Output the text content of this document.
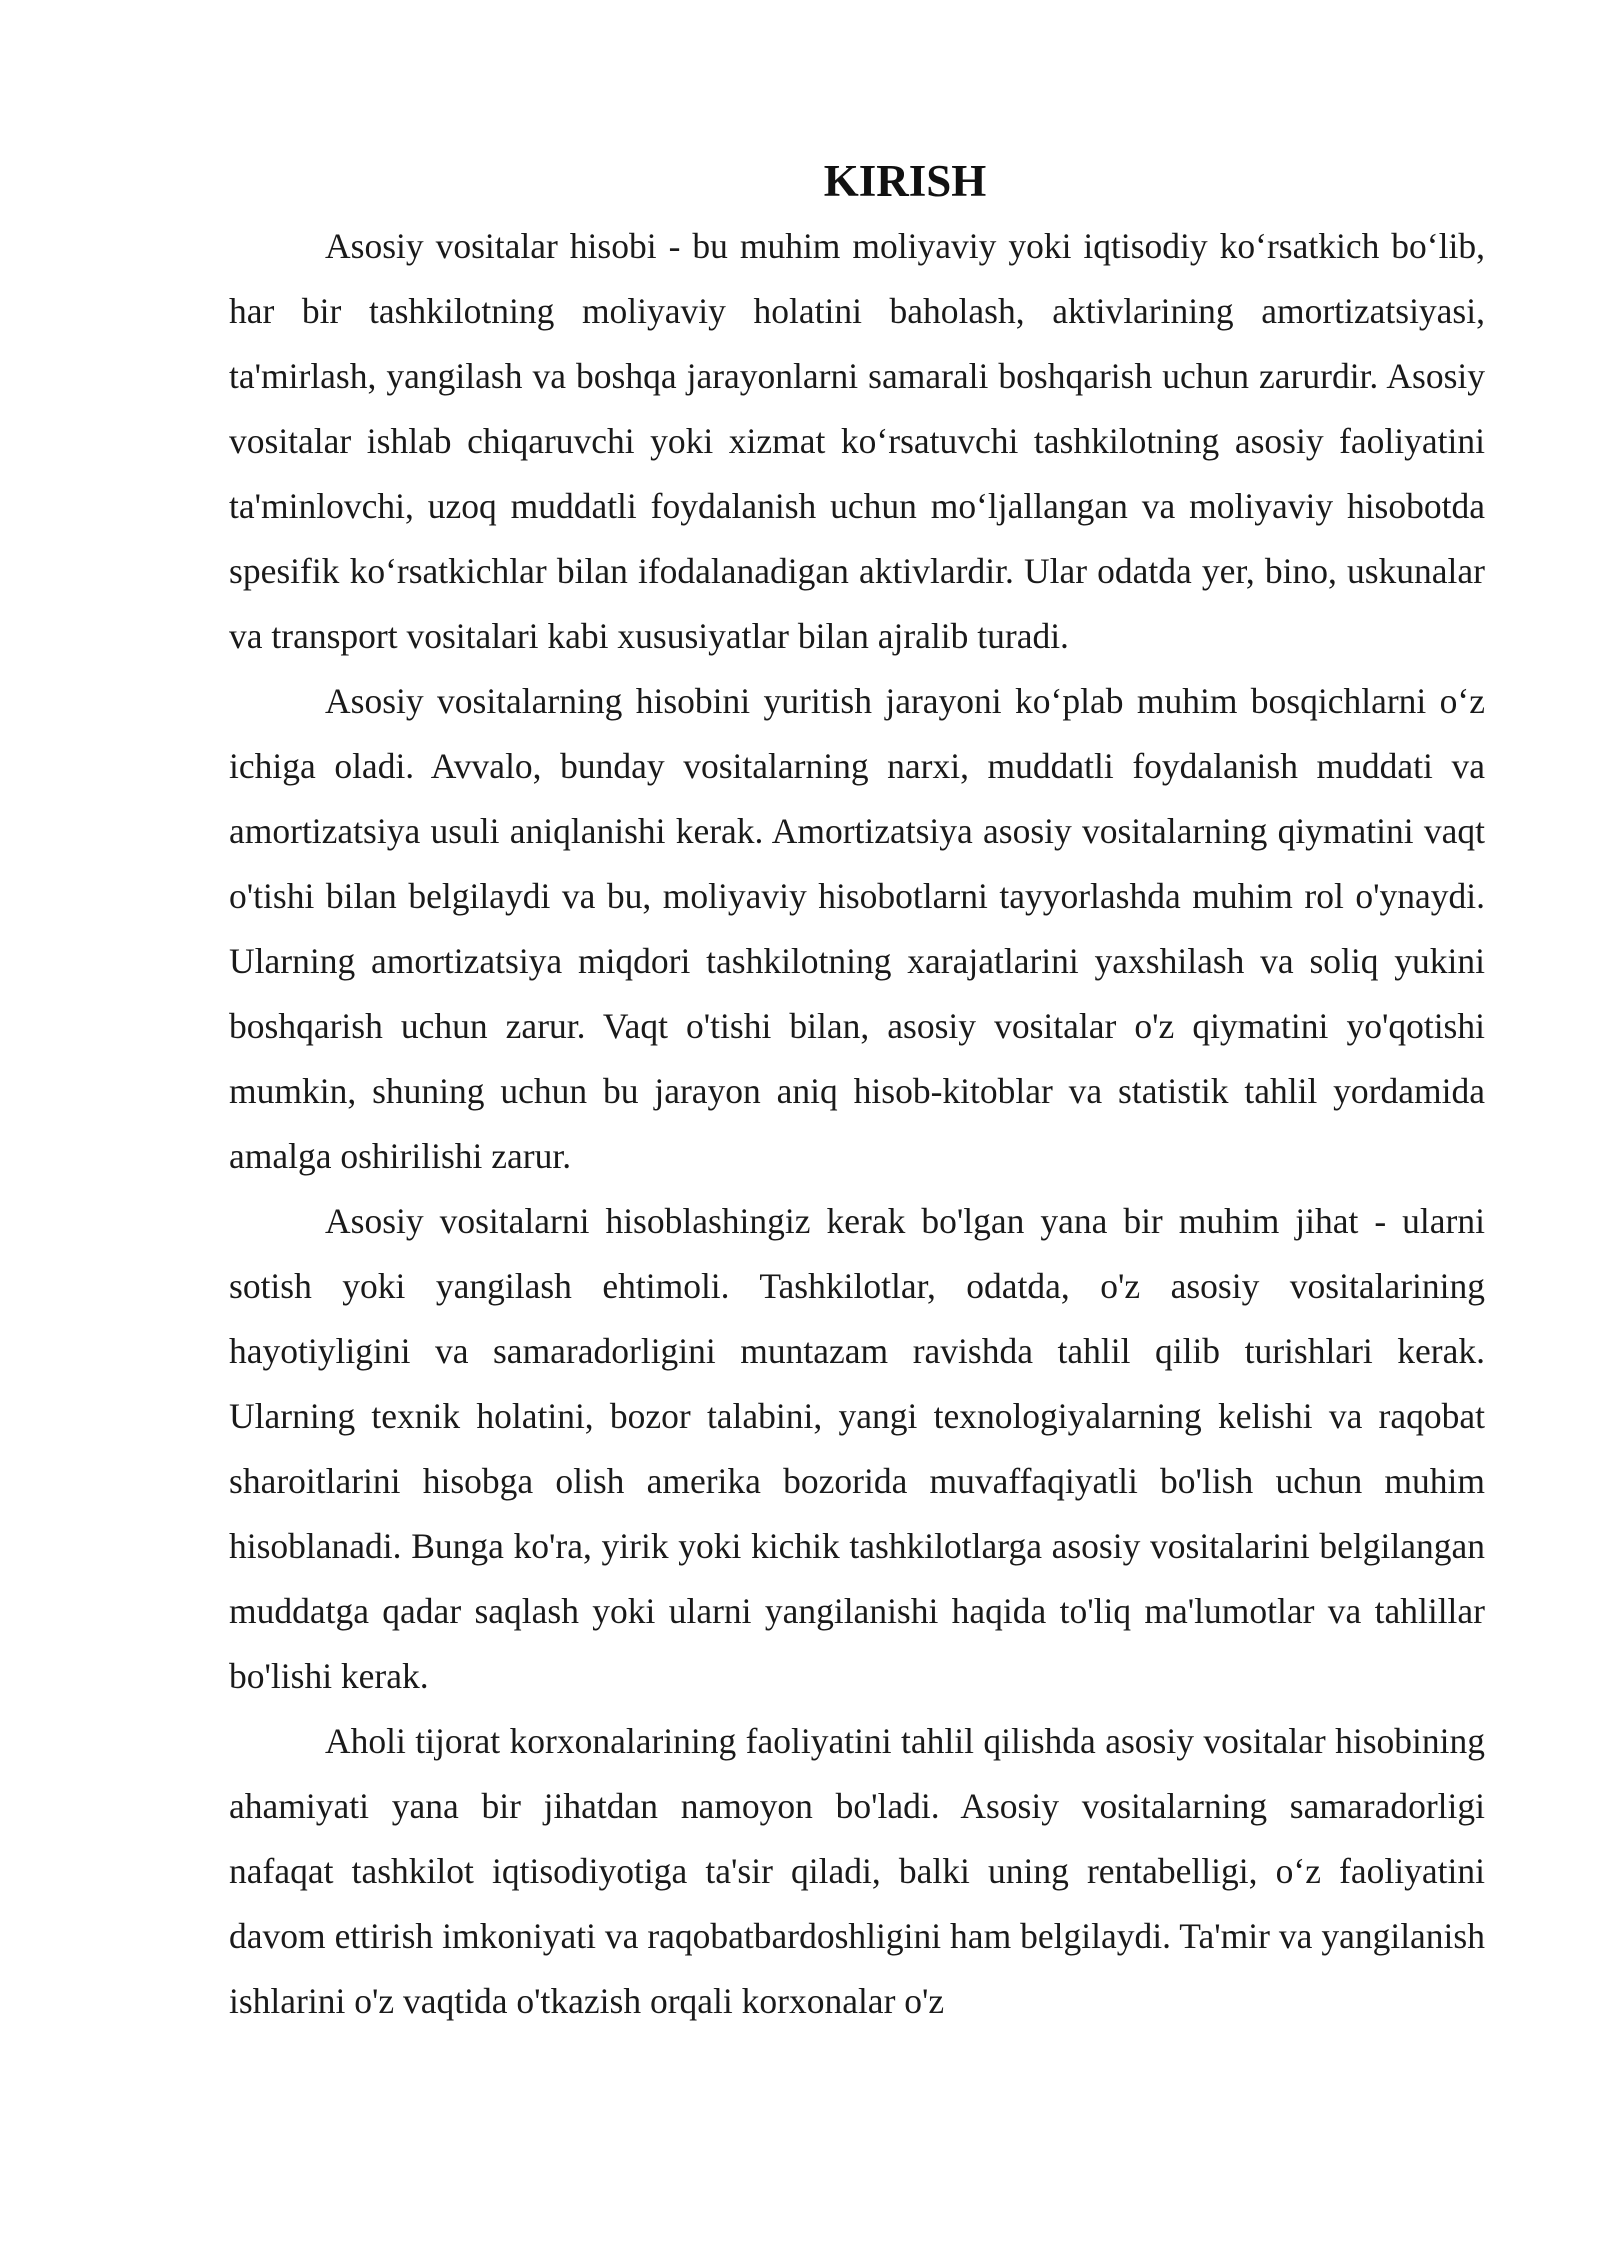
KIRISH

Asosiy vositalar hisobi - bu muhim moliyaviy yoki iqtisodiy ko‘rsatkich bo‘lib, har bir tashkilotning moliyaviy holatini baholash, aktivlarining amortizatsiyasi, ta'mirlash, yangilash va boshqa jarayonlarni samarali boshqarish uchun zarurdir. Asosiy vositalar ishlab chiqaruvchi yoki xizmat ko‘rsatuvchi tashkilotning asosiy faoliyatini ta'minlovchi, uzoq muddatli foydalanish uchun mo‘ljallangan va moliyaviy hisobotda spesifik ko‘rsatkichlar bilan ifodalanadigan aktivlardir. Ular odatda yer, bino, uskunalar va transport vositalari kabi xususiyatlar bilan ajralib turadi.

Asosiy vositalarning hisobini yuritish jarayoni ko‘plab muhim bosqichlarni o‘z ichiga oladi. Avvalo, bunday vositalarning narxi, muddatli foydalanish muddati va amortizatsiya usuli aniqlanishi kerak. Amortizatsiya asosiy vositalarning qiymatini vaqt o'tishi bilan belgilaydi va bu, moliyaviy hisobotlarni tayyorlashda muhim rol o'ynaydi. Ularning amortizatsiya miqdori tashkilotning xarajatlarini yaxshilash va soliq yukini boshqarish uchun zarur. Vaqt o'tishi bilan, asosiy vositalar o'z qiymatini yo'qotishi mumkin, shuning uchun bu jarayon aniq hisob-kitoblar va statistik tahlil yordamida amalga oshirilishi zarur.

Asosiy vositalarni hisoblashingiz kerak bo'lgan yana bir muhim jihat - ularni sotish yoki yangilash ehtimoli. Tashkilotlar, odatda, o'z asosiy vositalarining hayotiyligini va samaradorligini muntazam ravishda tahlil qilib turishlari kerak. Ularning texnik holatini, bozor talabini, yangi texnologiyalarning kelishi va raqobat sharoitlarini hisobga olish amerika bozorida muvaffaqiyatli bo'lish uchun muhim hisoblanadi. Bunga ko'ra, yirik yoki kichik tashkilotlarga asosiy vositalarini belgilangan muddatga qadar saqlash yoki ularni yangilanishi haqida to'liq ma'lumotlar va tahlillar bo'lishi kerak.

Aholi tijorat korxonalarining faoliyatini tahlil qilishda asosiy vositalar hisobining ahamiyati yana bir jihatdan namoyon bo'ladi. Asosiy vositalarning samaradorligi nafaqat tashkilot iqtisodiyotiga ta'sir qiladi, balki uning rentabelligi, o‘z faoliyatini davom ettirish imkoniyati va raqobatbardoshligini ham belgilaydi. Ta'mir va yangilanish ishlarini o'z vaqtida o'tkazish orqali korxonalar o'z
